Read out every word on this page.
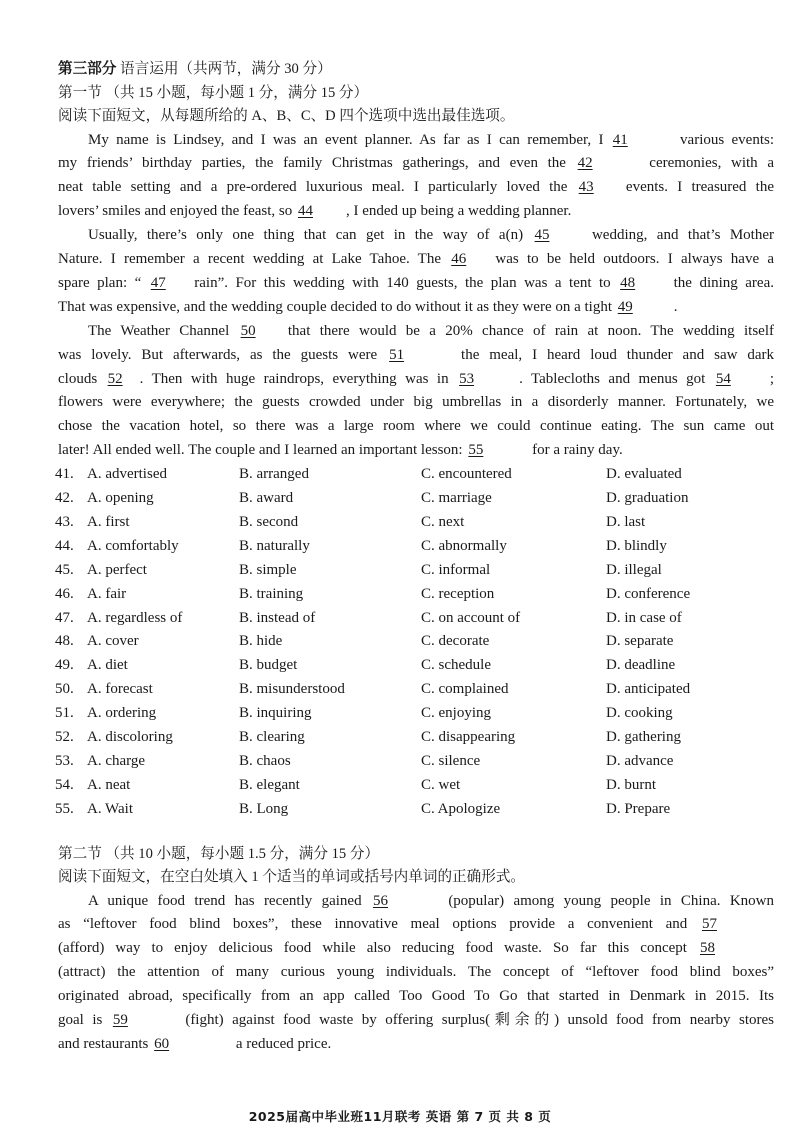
第三部分 语言运用（共两节，满分 30 分）
第一节 （共 15 小题，每小题 1 分，满分 15 分）
阅读下面短文，从每题所给的 A、B、C、D 四个选项中选出最佳选项。
My name is Lindsey, and I was an event planner. As far as I can remember, I 41	various events:
my friends’ birthday parties, the family Christmas gatherings, and even the 42	ceremonies, with a
neat table setting and a pre-ordered luxurious meal. I particularly loved the 43 events. I treasured the
lovers’ smiles and enjoyed the feast, so 44 , I ended up being a wedding planner.
Usually, there’s only one thing that can get in the way of a(n) 45 wedding, and that’s Mother
Nature. I remember a recent wedding at Lake Tahoe. The 46 was to be held outdoors. I always have a
spare plan: “ 47 rain”. For this wedding with 140 guests, the plan was a tent to 48 the dining area.
That was expensive, and the wedding couple decided to do without it as they were on a tight 49	.
The Weather Channel 50 that there would be a 20% chance of rain at noon. The wedding itself
was lovely. But afterwards, as the guests were 51	the meal, I heard loud thunder and saw dark
clouds 52 . Then with huge raindrops, everything was in 53	. Tablecloths and menus got 54	;
flowers were everywhere; the guests crowded under big umbrellas in a disorderly manner. Fortunately, we
chose the vacation hotel, so there was a large room where we could continue eating. The sun came out
later! All ended well. The couple and I learned an important lesson: 55	for a rainy day.
41. A. advertised	B. arranged	C. encountered	D. evaluated
42. A. opening	B. award	C. marriage	D. graduation
43. A. first	B. second	C. next	D. last
44. A. comfortably	B. naturally	C. abnormally	D. blindly
45. A. perfect	B. simple	C. informal	D. illegal
46. A. fair	B. training	C. reception	D. conference
47. A. regardless of	B. instead of	C. on account of	D. in case of
48. A. cover	B. hide	C. decorate	D. separate
49. A. diet	B. budget	C. schedule	D. deadline
50. A. forecast	B. misunderstood	C. complained	D. anticipated
51. A. ordering	B. inquiring	C. enjoying	D. cooking
52. A. discoloring	B. clearing	C. disappearing	D. gathering
53. A. charge	B. chaos	C. silence	D. advance
54. A. neat	B. elegant	C. wet	D. burnt
55. A. Wait	B. Long	C. Apologize	D. Prepare
第二节 （共 10 小题，每小题 1.5 分，满分 15 分）
阅读下面短文，在空白处填入 1 个适当的单词或括号内单词的正确形式。
A unique food trend has recently gained 56	(popular) among young people in China. Known
as “leftover food blind boxes”, these innovative meal options provide a convenient and 57
(afford) way to enjoy delicious food while also reducing food waste. So far this concept 58
(attract) the attention of many curious young individuals. The concept of “leftover food blind boxes”
originated abroad, specifically from an app called Too Good To Go that started in Denmark in 2015. Its
goal is 59	(fight) against food waste by offering surplus(剩余的) unsold food from nearby stores
and restaurants 60	a reduced price.
2025届高中毕业班11月联考 英语 第 7 页 共 8 页
